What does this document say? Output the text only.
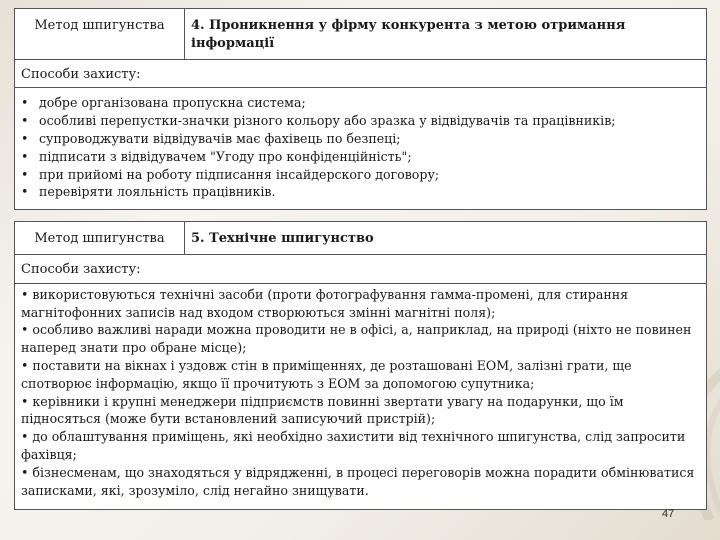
Метод шпигунства	4. Проникнення у фірму конкурента з метою отримання інформації
Способи захисту:
• добре організована пропускна система;
• особливі перепустки-значки різного кольору або зразка у відвідувачів та працівників;
• супроводжувати відвідувачів має фахівець по безпеці;
• підписати з відвідувачем "Угоду про конфіденційність";
• при прийомі на роботу підписання інсайдерского договору;
• перевіряти лояльність працівників.
Метод шпигунства	5. Технічне шпигунство
Способи захисту:

• використовуються технічні засоби (проти фотографування гамма-промені, для стирання магнітофонних записів над входом створюються змінні магнітні поля);

• особливо важливі наради можна проводити не в офісі, а, наприклад, на природі (ніхто не повинен наперед знати про обране місце);

• поставити на вікнах і уздовж стін в приміщеннях, де розташовані ЕОМ, залізні грати, ще спотворює інформацію, якщо її прочитують з ЕОМ за допомогою супутника;

• керівники і крупні менеджери підприємств повинні звертати увагу на подарунки, що їм підносяться (може бути встановлений записуючий пристрій);

• до облаштування приміщень, які необхідно захистити від технічного шпигунства, слід запросити фахівця;

• бізнесменам, що знаходяться у відрядженні, в процесі переговорів можна порадити обмінюватися записками, які, зрозуміло, слід негайно знищувати.

47
